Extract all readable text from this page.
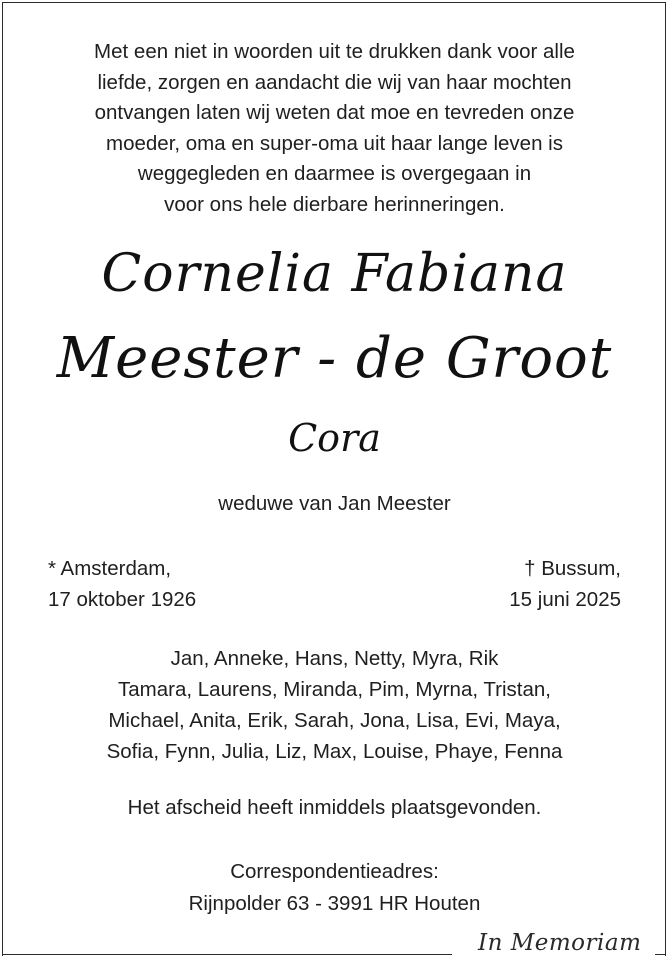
In Memoriam
Met een niet in woorden uit te drukken dank voor alle
liefde, zorgen en aandacht die wij van haar mochten
ontvangen laten wij weten dat moe en tevreden onze
moeder, oma en super-oma uit haar lange leven is
weggegleden en daarmee is overgegaan in
voor ons hele dierbare herinneringen.
Cornelia Fabiana
Meester - de Groot
Cora
weduwe van Jan Meester
* Amsterdam,
17 oktober 1926
† Bussum,
15 juni 2025
Jan, Anneke, Hans, Netty, Myra, Rik
Tamara, Laurens, Miranda, Pim, Myrna, Tristan,
Michael, Anita, Erik, Sarah, Jona, Lisa, Evi, Maya,
Sofia, Fynn, Julia, Liz, Max, Louise, Phaye, Fenna
Het afscheid heeft inmiddels plaatsgevonden.
Correspondentieadres:
Rijnpolder 63 - 3991 HR Houten
